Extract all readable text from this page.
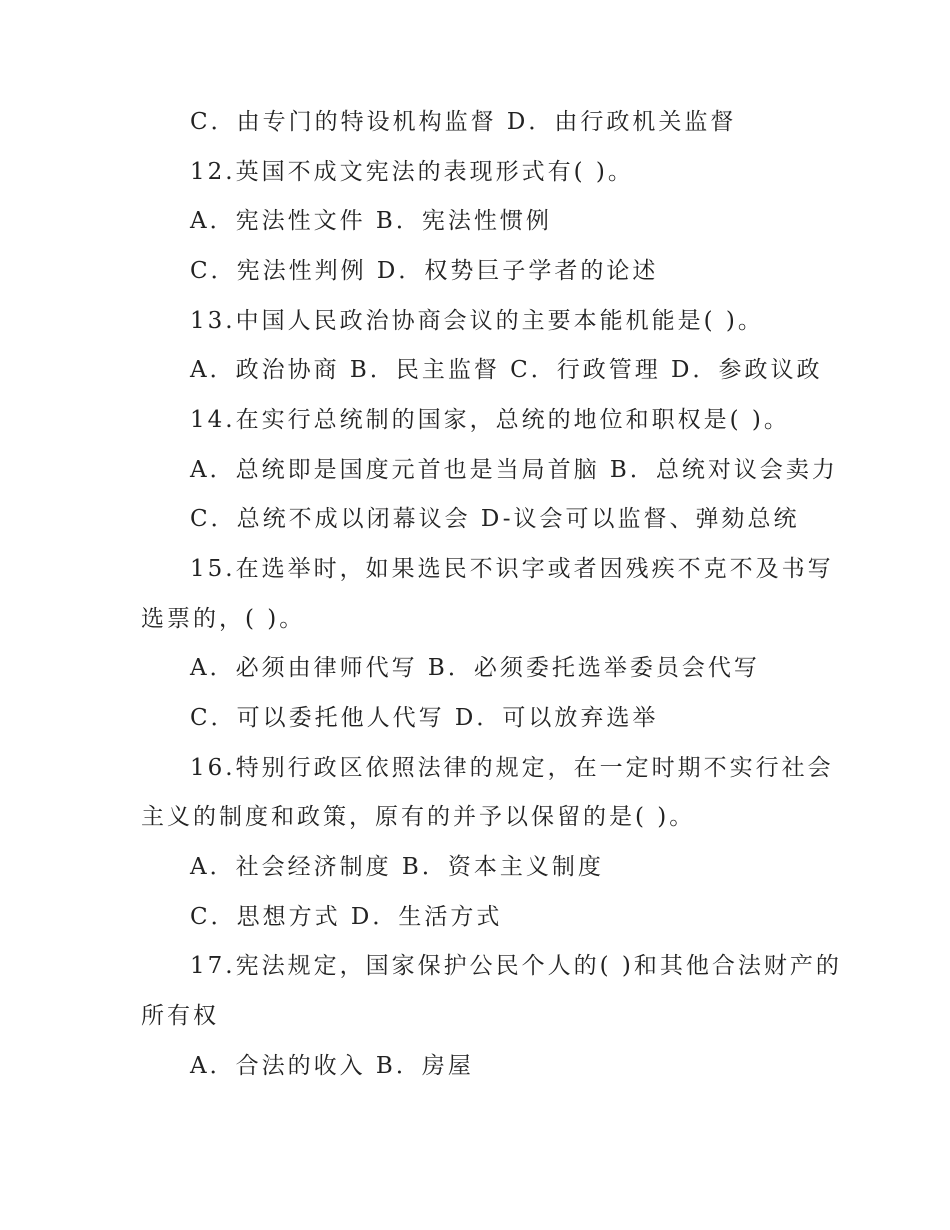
C．由专门的特设机构监督 D．由行政机关监督
12.英国不成文宪法的表现形式有( )。
A．宪法性文件 B．宪法性惯例
C．宪法性判例 D．权势巨子学者的论述
13.中国人民政治协商会议的主要本能机能是( )。
A．政治协商 B．民主监督 C．行政管理 D．参政议政
14.在实行总统制的国家，总统的地位和职权是( )。
A．总统即是国度元首也是当局首脑 B．总统对议会卖力
C．总统不成以闭幕议会 D-议会可以监督、弹劾总统
15.在选举时，如果选民不识字或者因残疾不克不及书写
选票的，( )。
A．必须由律师代写 B．必须委托选举委员会代写
C．可以委托他人代写 D．可以放弃选举
16.特别行政区依照法律的规定，在一定时期不实行社会
主义的制度和政策，原有的并予以保留的是( )。
A．社会经济制度 B．资本主义制度
C．思想方式 D．生活方式
17.宪法规定，国家保护公民个人的( )和其他合法财产的
所有权
A．合法的收入 B．房屋
